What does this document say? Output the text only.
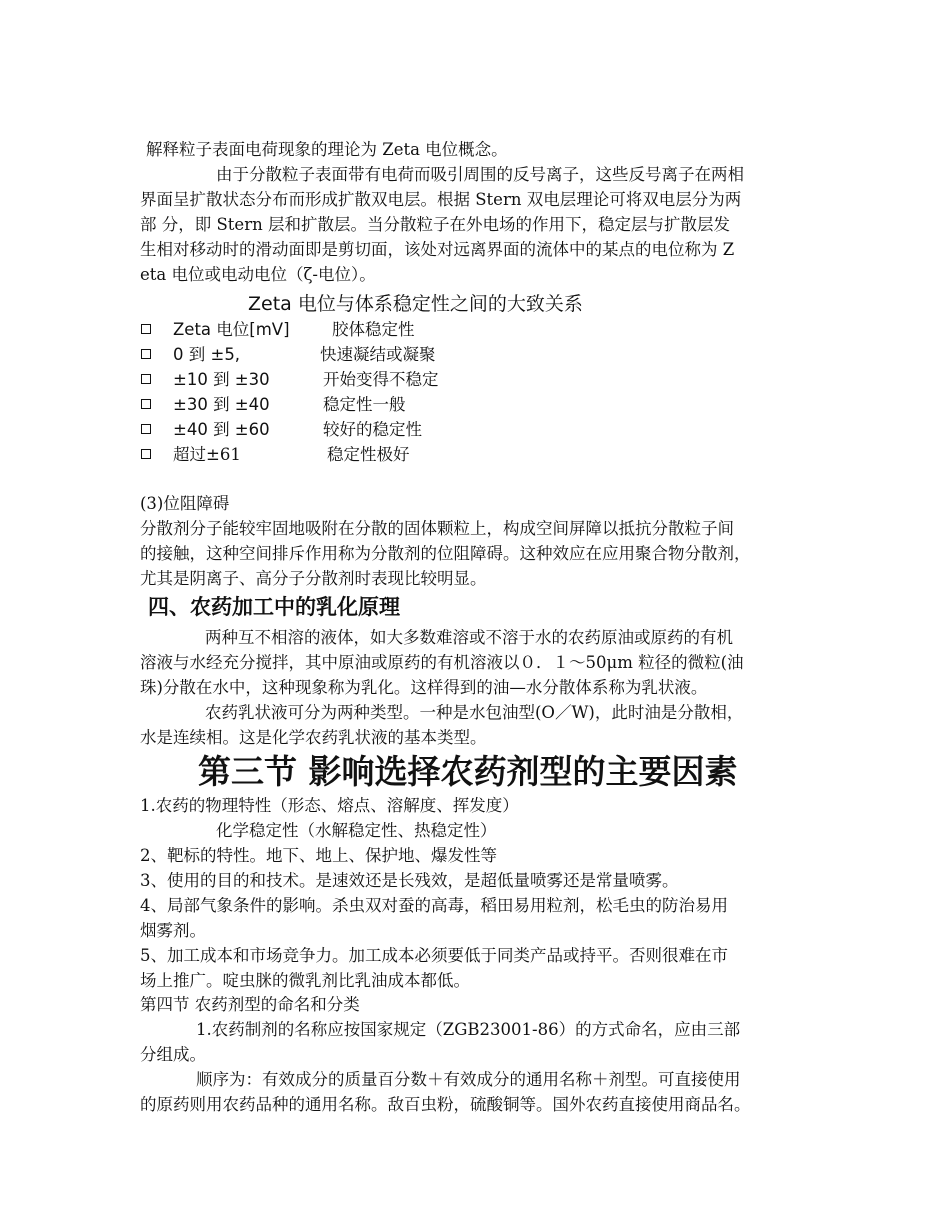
解释粒子表面电荷现象的理论为 Zeta 电位概念。
由于分散粒子表面带有电荷而吸引周围的反号离子，这些反号离子在两相
界面呈扩散状态分布而形成扩散双电层。根据 Stern 双电层理论可将双电层分为两
部 分，即 Stern 层和扩散层。当分散粒子在外电场的作用下，稳定层与扩散层发
生相对移动时的滑动面即是剪切面，该处对远离界面的流体中的某点的电位称为 Z
eta 电位或电动电位（ζ-电位）。
Zeta 电位与体系稳定性之间的大致关系
Zeta 电位[mV]	胶体稳定性
0 到 ±5,	快速凝结或凝聚
±10 到 ±30	开始变得不稳定
±30 到 ±40	稳定性一般
±40 到 ±60	较好的稳定性
超过±61	稳定性极好
(3)位阻障碍
分散剂分子能较牢固地吸附在分散的固体颗粒上，构成空间屏障以抵抗分散粒子间
的接触，这种空间排斥作用称为分散剂的位阻障碍。这种效应在应用聚合物分散剂，
尤其是阴离子、高分子分散剂时表现比较明显。
四、农药加工中的乳化原理
两种互不相溶的液体，如大多数难溶或不溶于水的农药原油或原药的有机
溶液与水经充分搅拌，其中原油或原药的有机溶液以０．１～50μm 粒径的微粒(油
珠)分散在水中，这种现象称为乳化。这样得到的油—水分散体系称为乳状液。
农药乳状液可分为两种类型。一种是水包油型(O／W)，此时油是分散相，
水是连续相。这是化学农药乳状液的基本类型。
第三节 影响选择农药剂型的主要因素
1.农药的物理特性（形态、熔点、溶解度、挥发度）
化学稳定性（水解稳定性、热稳定性）
2、靶标的特性。地下、地上、保护地、爆发性等
3、使用的目的和技术。是速效还是长残效，是超低量喷雾还是常量喷雾。
4、局部气象条件的影响。杀虫双对蚕的高毒，稻田易用粒剂，松毛虫的防治易用
烟雾剂。
5、加工成本和市场竞争力。加工成本必须要低于同类产品或持平。否则很难在市
场上推广。啶虫脒的微乳剂比乳油成本都低。
第四节 农药剂型的命名和分类
1.农药制剂的名称应按国家规定（ZGB23001-86）的方式命名，应由三部
分组成。
顺序为：有效成分的质量百分数＋有效成分的通用名称＋剂型。可直接使用
的原药则用农药品种的通用名称。敌百虫粉，硫酸铜等。国外农药直接使用商品名。
